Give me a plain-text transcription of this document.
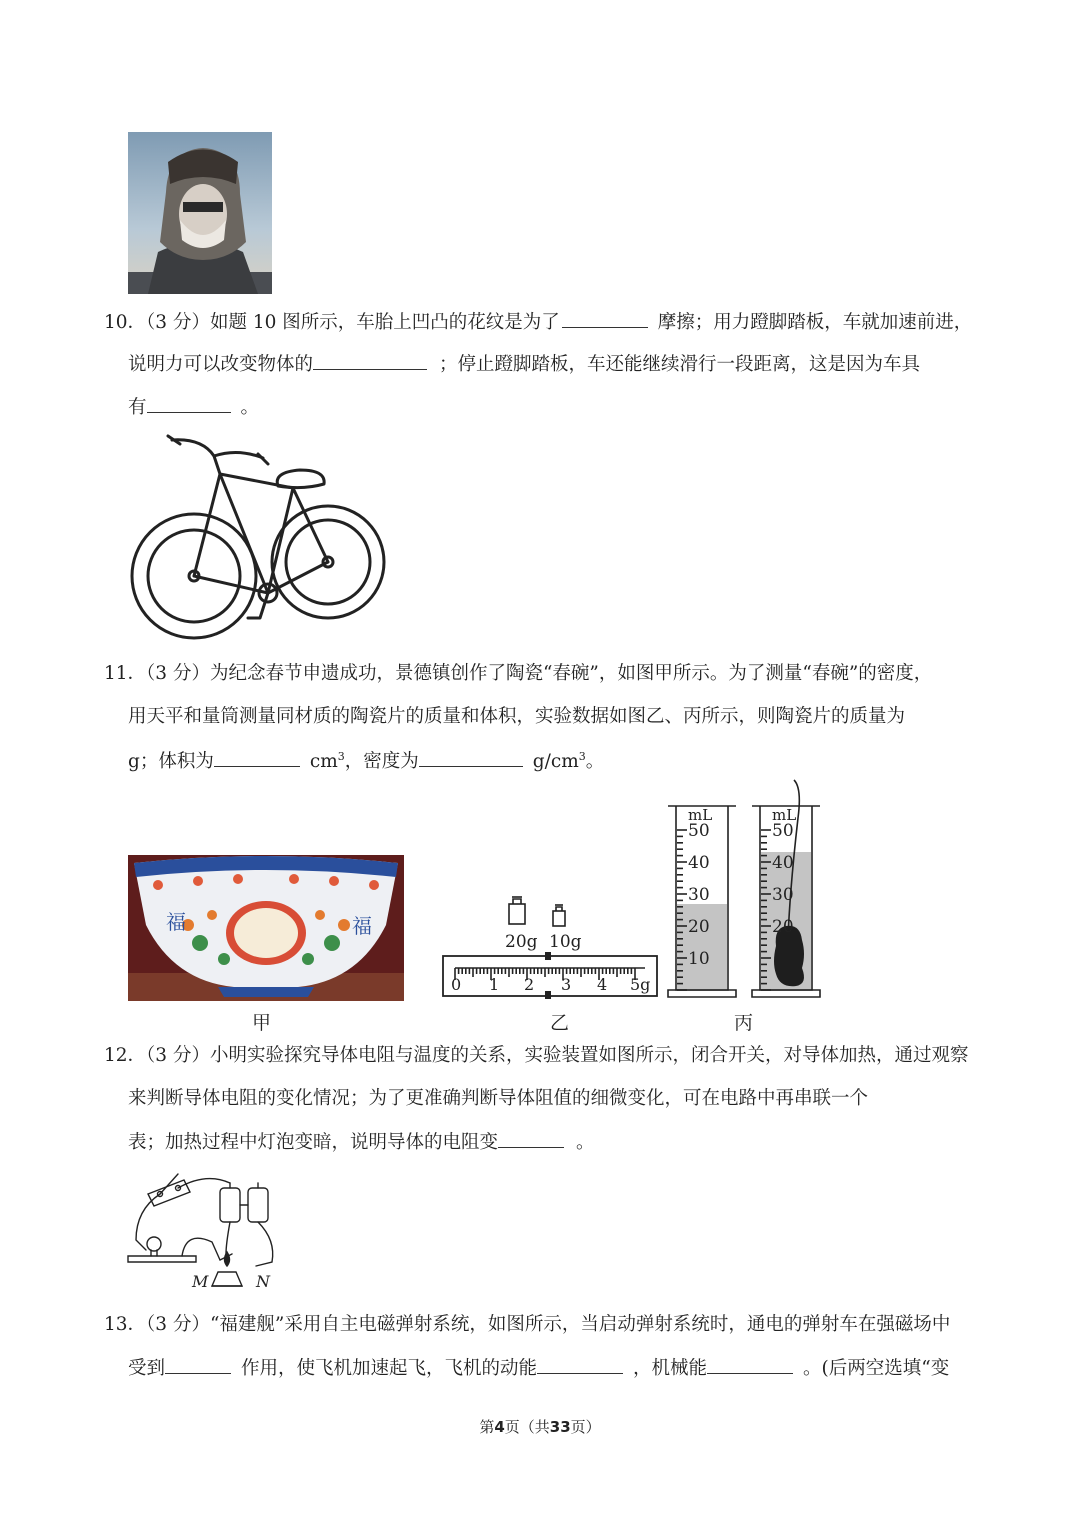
10．（3 分）如题 10 图所示，车胎上凹凸的花纹是为了	摩擦；用力蹬脚踏板，车就加速前进，
说明力可以改变物体的	；停止蹬脚踏板，车还能继续滑行一段距离，这是因为车具
有	。
11．（3 分）为纪念春节申遗成功，景德镇创作了陶瓷“春碗”，如图甲所示。为了测量“春碗”的密度，
用天平和量筒测量同材质的陶瓷片的质量和体积，实验数据如图乙、丙所示，则陶瓷片的质量为
g；体积为	$cm^3$，密度为	$g/cm^3$。
福	福
20g 10g
0 1 2 3 4 5g
mL
50
40
30
20
10
mL
50
40
30
20
甲	乙	丙
12．（3 分）小明实验探究导体电阻与温度的关系，实验装置如图所示，闭合开关，对导体加热，通过观察
来判断导体电阻的变化情况；为了更准确判断导体阻值的细微变化，可在电路中再串联一个
表；加热过程中灯泡变暗，说明导体的电阻变	。
M	N
13．（3 分）“福建舰”采用自主电磁弹射系统，如图所示，当启动弹射系统时，通电的弹射车在强磁场中
受到	作用，使飞机加速起飞，飞机的动能	，机械能	。(后两空选填“变
第4页（共33页）
